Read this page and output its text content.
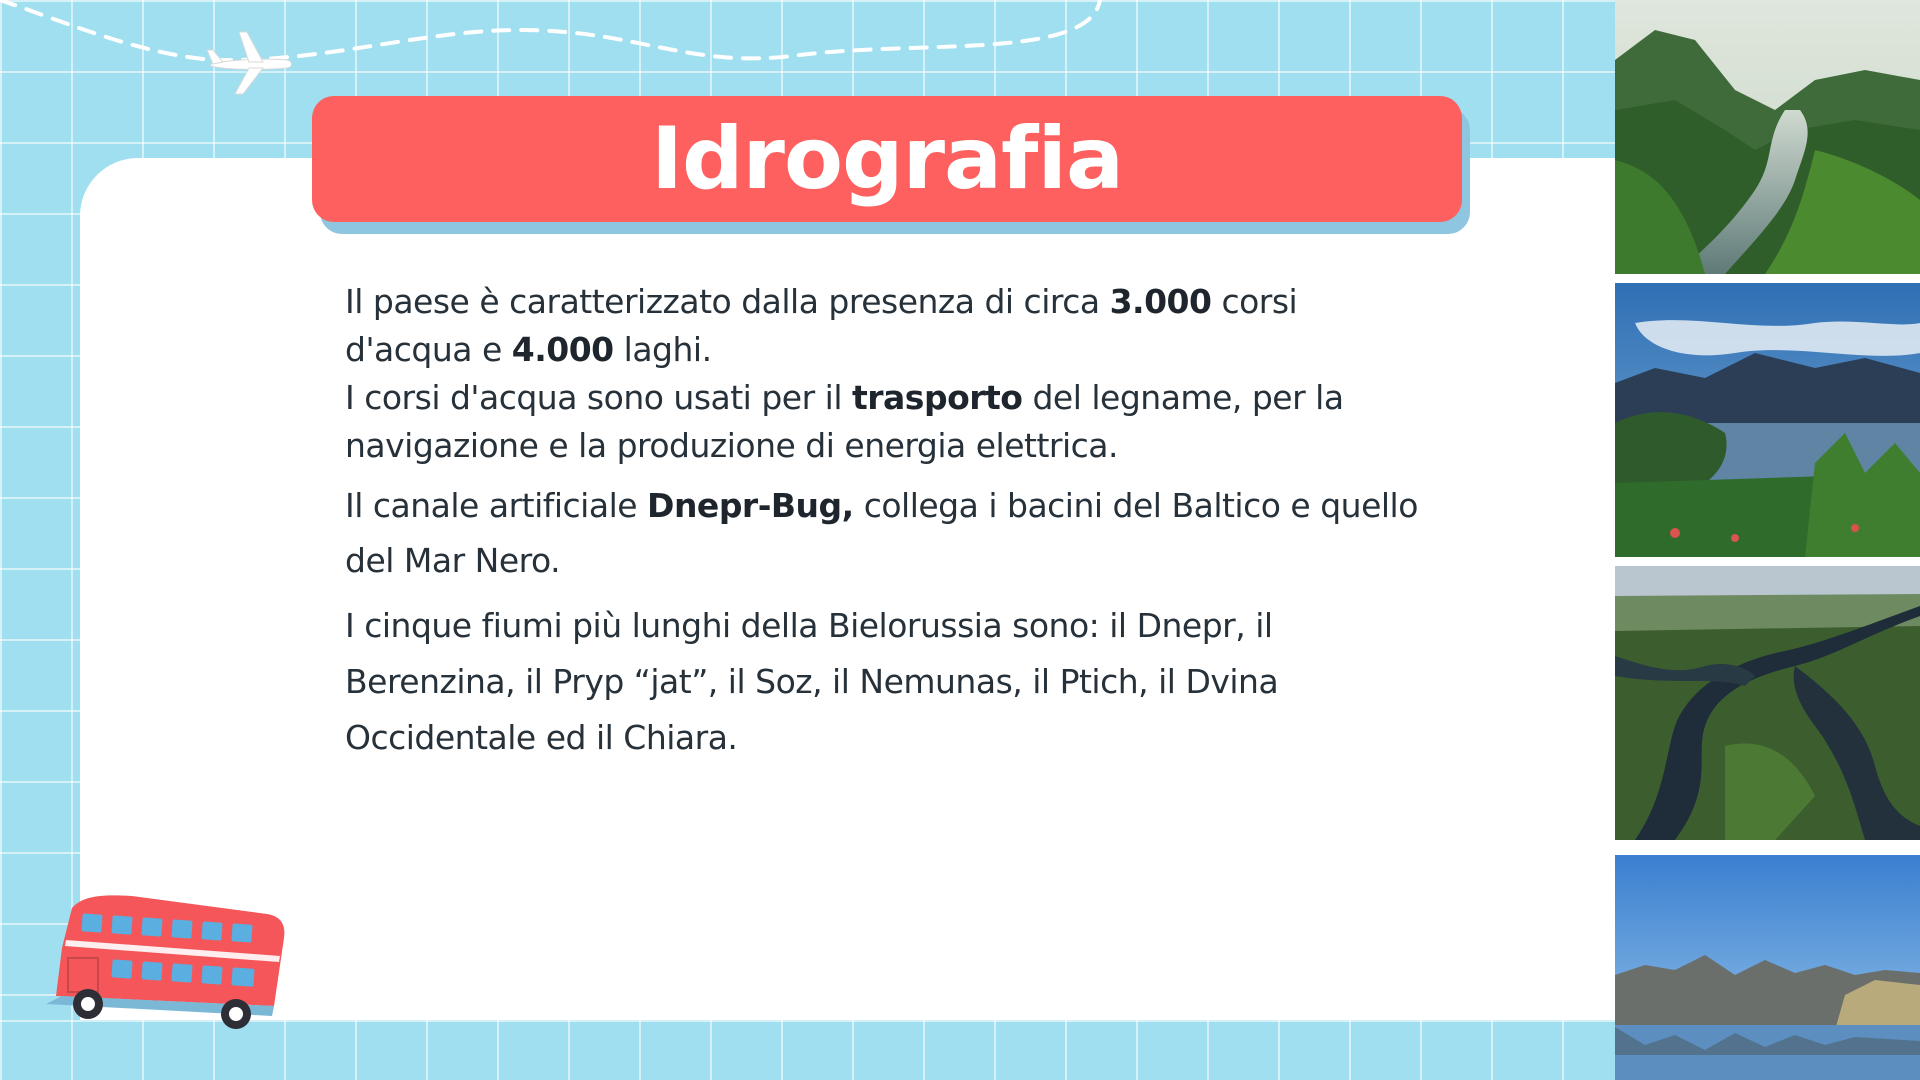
Idrografia

Il paese è caratterizzato dalla presenza di circa 3.000 corsi d'acqua e 4.000 laghi.
I corsi d'acqua sono usati per il trasporto del legname, per la navigazione e la produzione di energia elettrica.

Il canale artificiale Dnepr-Bug, collega i bacini del Baltico e quello del Mar Nero.

I cinque fiumi più lunghi della Bielorussia sono: il Dnepr, il Berenzina, il Pryp “jat”, il Soz, il Nemunas, il Ptich, il Dvina Occidentale ed il Chiara.
